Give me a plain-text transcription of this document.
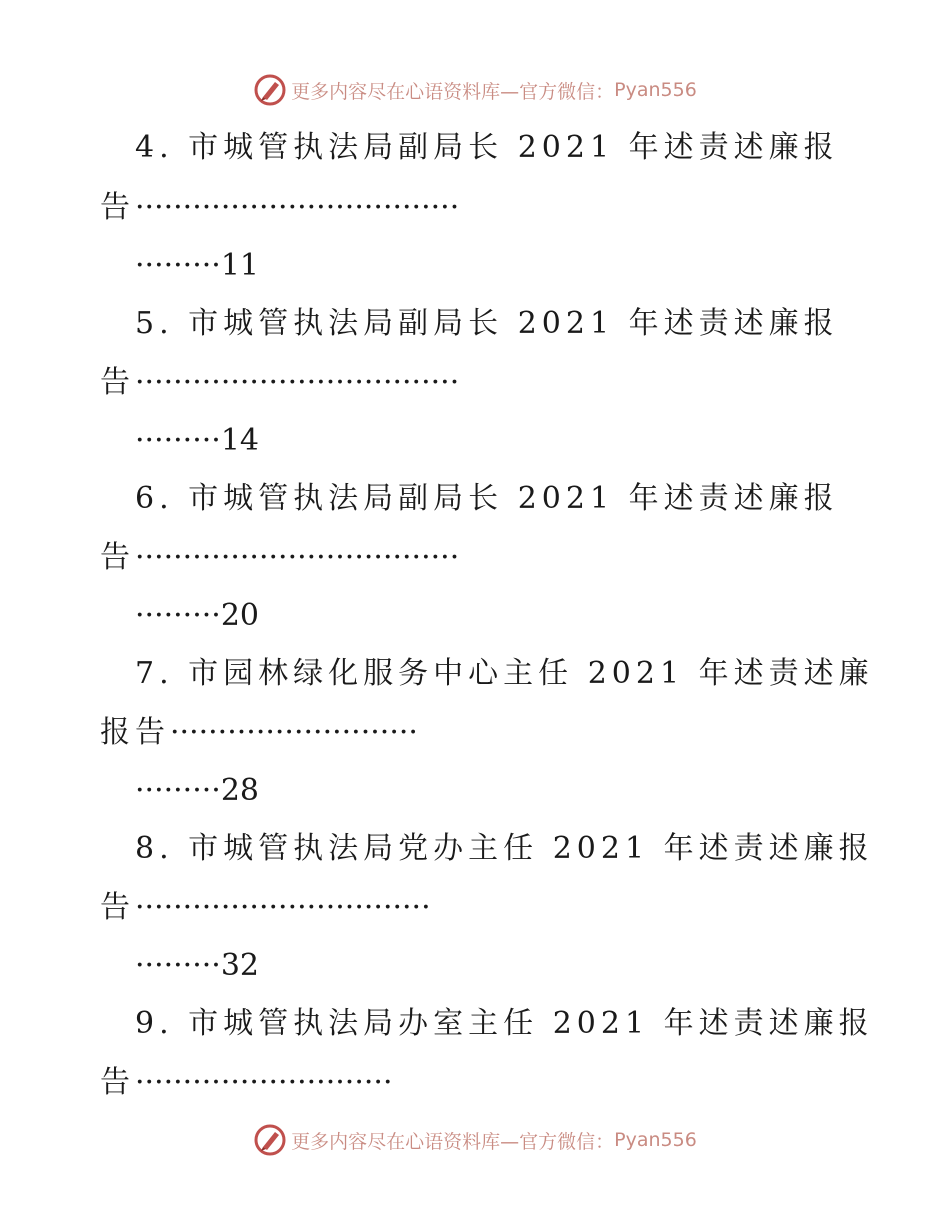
更多内容尽在心语资料库—官方微信： Pyan556
4. 市城管执法局副局长 2021 年述责述廉报
告··································
·········11
5. 市城管执法局副局长 2021 年述责述廉报
告··································
·········14
6. 市城管执法局副局长 2021 年述责述廉报
告··································
·········20
7. 市园林绿化服务中心主任 2021 年述责述廉
报告··························
·········28
8. 市城管执法局党办主任 2021 年述责述廉报
告·······························
·········32
9. 市城管执法局办室主任 2021 年述责述廉报
告···························
更多内容尽在心语资料库—官方微信： Pyan556
